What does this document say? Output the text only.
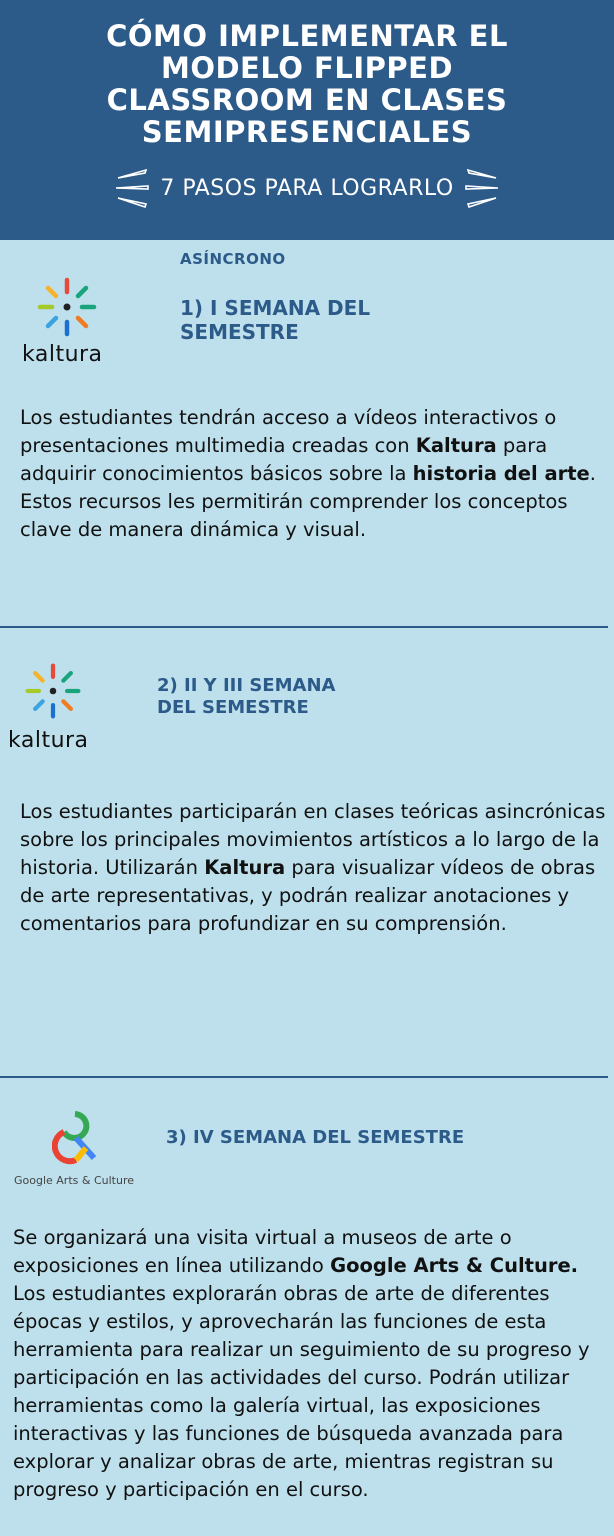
CÓMO IMPLEMENTAR EL
MODELO FLIPPED
CLASSROOM EN CLASES
SEMIPRESENCIALES
7 PASOS PARA LOGRARLO
ASÍNCRONO
kaltura
1) I SEMANA DEL
SEMESTRE
Los estudiantes tendrán acceso a vídeos interactivos o presentaciones multimedia creadas con Kaltura para adquirir conocimientos básicos sobre la historia del arte. Estos recursos les permitirán comprender los conceptos clave de manera dinámica y visual.
kaltura
2) II Y III SEMANA
DEL SEMESTRE
Los estudiantes participarán en clases teóricas asincrónicas sobre los principales movimientos artísticos a lo largo de la historia. Utilizarán Kaltura para visualizar vídeos de obras de arte representativas, y podrán realizar anotaciones y comentarios para profundizar en su comprensión.
Google Arts & Culture
3) IV SEMANA DEL SEMESTRE
Se organizará una visita virtual a museos de arte o exposiciones en línea utilizando Google Arts & Culture. Los estudiantes explorarán obras de arte de diferentes épocas y estilos, y aprovecharán las funciones de esta herramienta para realizar un seguimiento de su progreso y participación en las actividades del curso. Podrán utilizar herramientas como la galería virtual, las exposiciones interactivas y las funciones de búsqueda avanzada para explorar y analizar obras de arte, mientras registran su progreso y participación en el curso.
